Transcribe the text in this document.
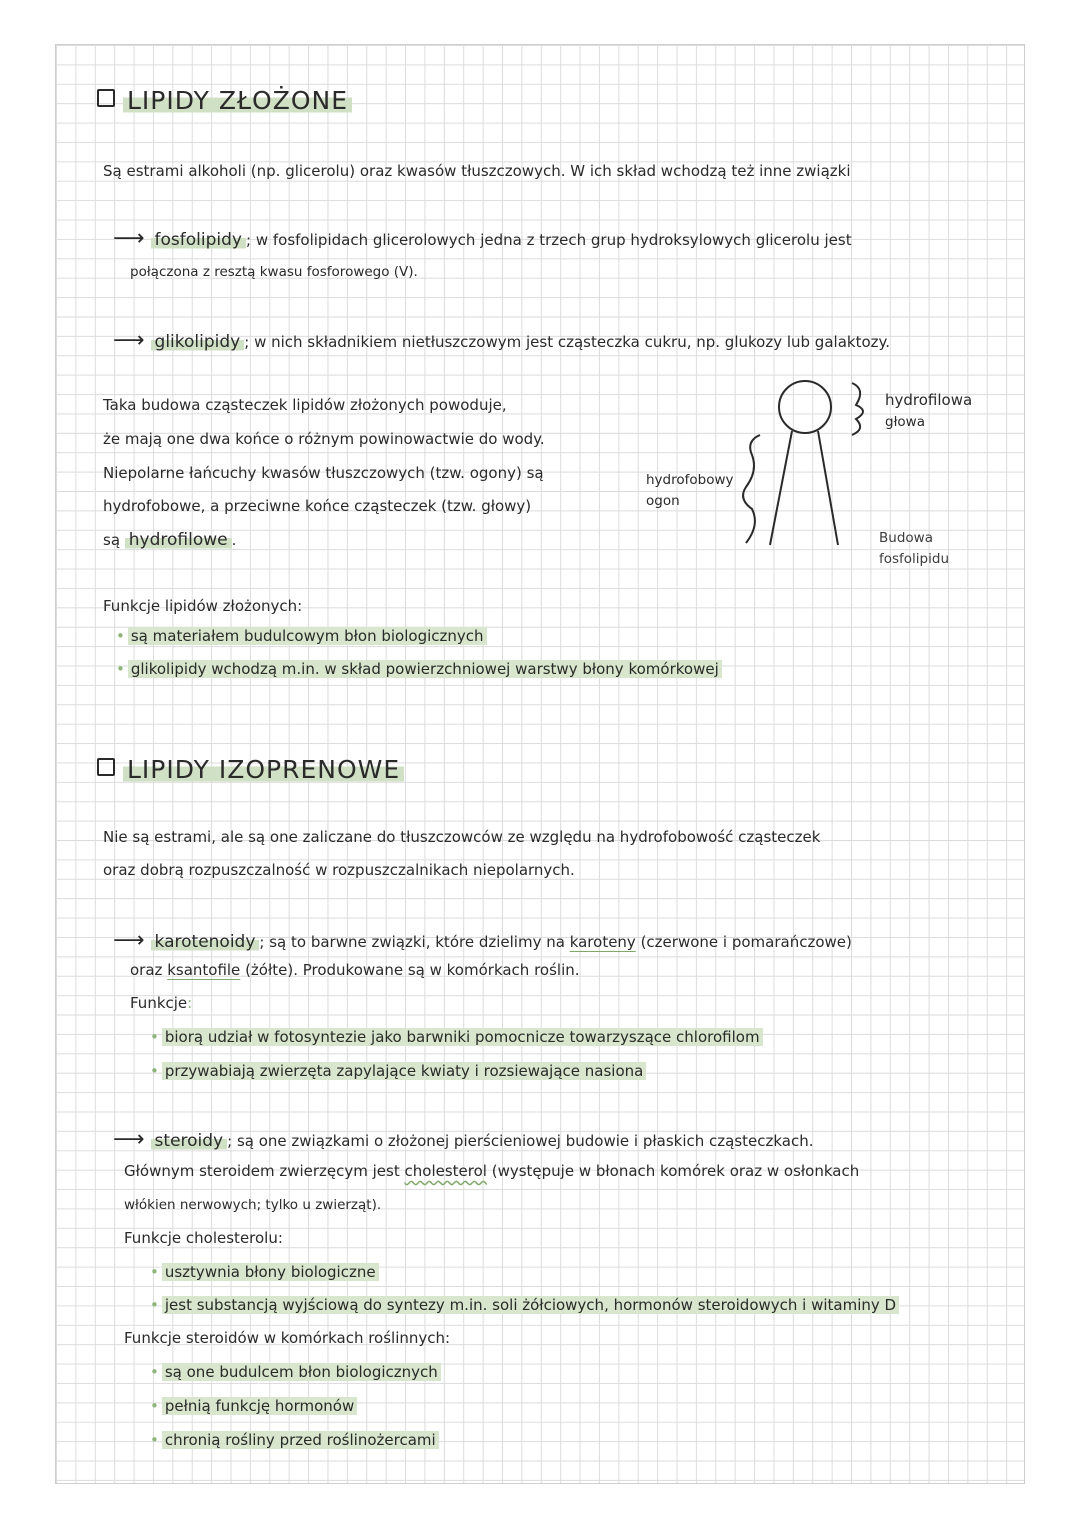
LIPIDY ZŁOŻONE
Są estrami alkoholi (np. glicerolu) oraz kwasów tłuszczowych. W ich skład wchodzą też inne związki
⟶ fosfolipidy ; w fosfolipidach glicerolowych jedna z trzech grup hydroksylowych glicerolu jest
połączona z resztą kwasu fosforowego (V).
⟶ glikolipidy ; w nich składnikiem nietłuszczowym jest cząsteczka cukru, np. glukozy lub galaktozy.
Taka budowa cząsteczek lipidów złożonych powoduje,
że mają one dwa końce o różnym powinowactwie do wody.
Niepolarne łańcuchy kwasów tłuszczowych (tzw. ogony) są
hydrofobowe, a przeciwne końce cząsteczek (tzw. głowy)
są hydrofilowe .
hydrofilowa
głowa
hydrofobowy
ogon
Budowa
fosfolipidu
Funkcje lipidów złożonych:
• są materiałem budulcowym błon biologicznych
• glikolipidy wchodzą m.in. w skład powierzchniowej warstwy błony komórkowej
LIPIDY IZOPRENOWE
Nie są estrami, ale są one zaliczane do tłuszczowców ze względu na hydrofobowość cząsteczek
oraz dobrą rozpuszczalność w rozpuszczalnikach niepolarnych.
⟶ karotenoidy ; są to barwne związki, które dzielimy na karoteny (czerwone i pomarańczowe)
oraz ksantofile (żółte). Produkowane są w komórkach roślin.
Funkcje:
• biorą udział w fotosyntezie jako barwniki pomocnicze towarzyszące chlorofilom
• przywabiają zwierzęta zapylające kwiaty i rozsiewające nasiona
⟶ steroidy ; są one związkami o złożonej pierścieniowej budowie i płaskich cząsteczkach.
Głównym steroidem zwierzęcym jest cholesterol (występuje w błonach komórek oraz w osłonkach
włókien nerwowych; tylko u zwierząt).
Funkcje cholesterolu:
• usztywnia błony biologiczne
• jest substancją wyjściową do syntezy m.in. soli żółciowych, hormonów steroidowych i witaminy D
Funkcje steroidów w komórkach roślinnych:
• są one budulcem błon biologicznych
• pełnią funkcję hormonów
• chronią rośliny przed roślinożercami
